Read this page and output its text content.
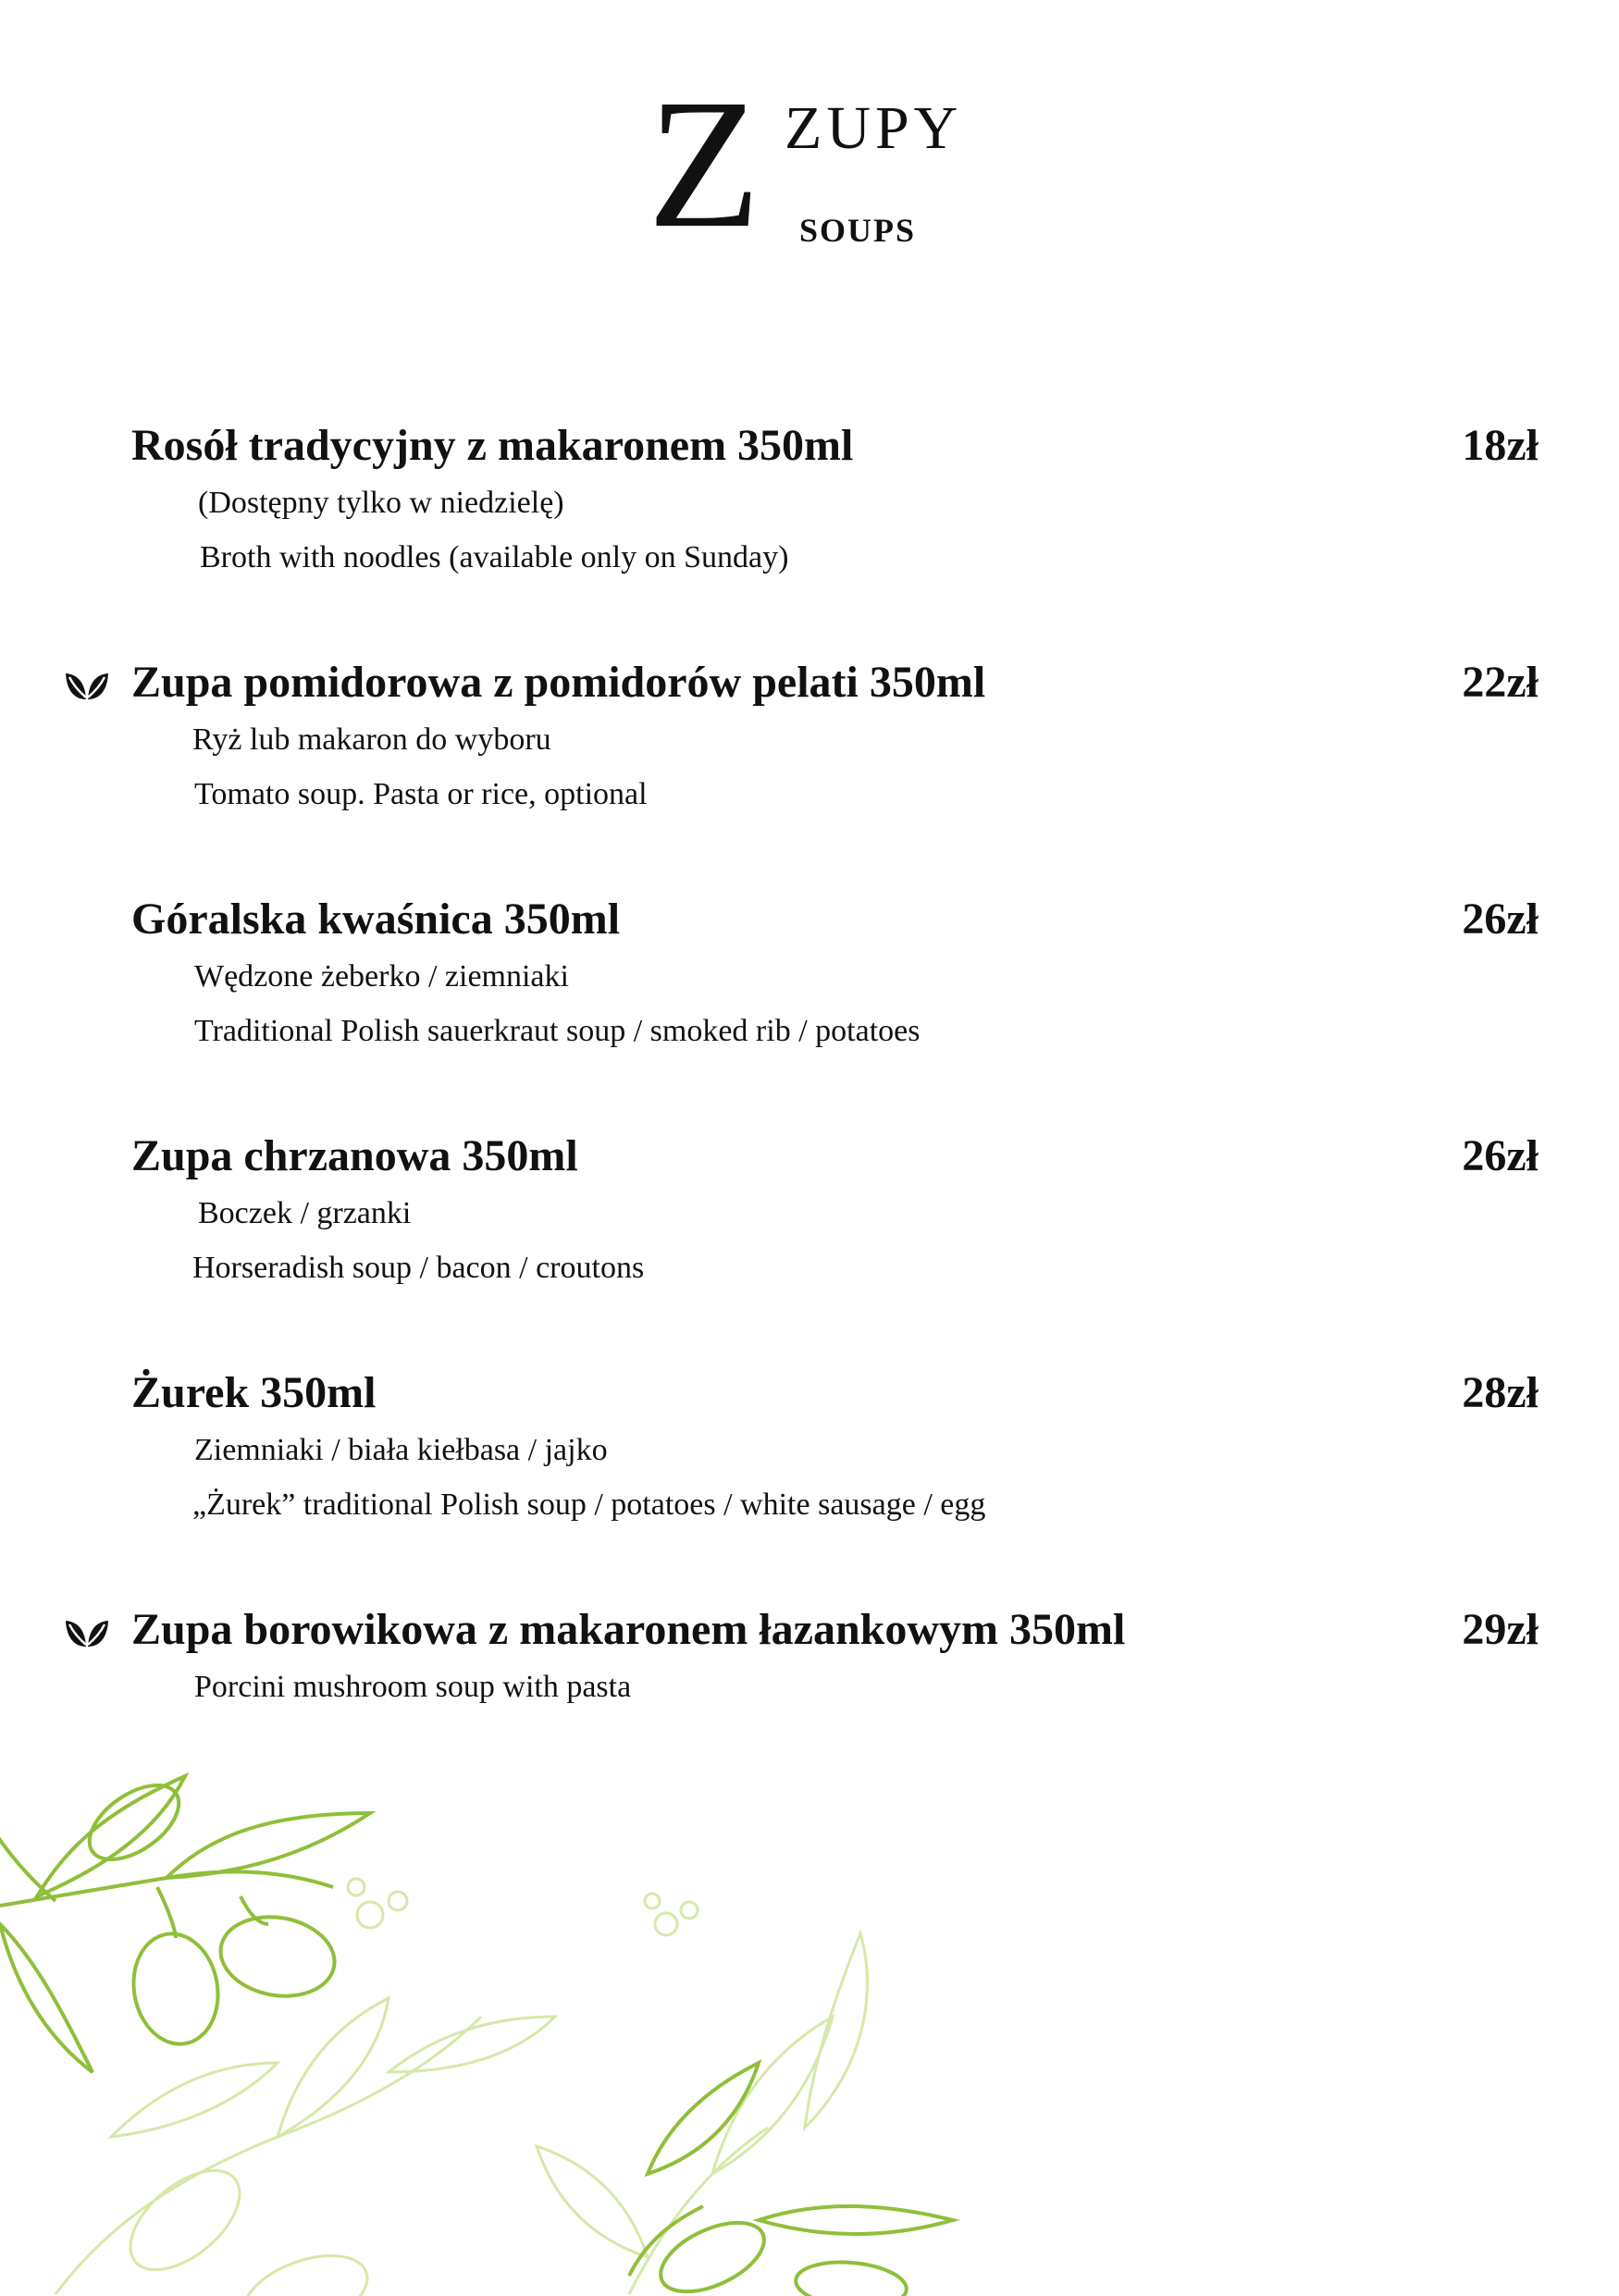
Z ZUPY
SOUPS
Rosół tradycyjny z makaronem 350ml	18zł
(Dostępny tylko w niedzielę)
Broth with noodles (available only on Sunday)
Zupa pomidorowa z pomidorów pelati 350ml	22zł
Ryż lub makaron do wyboru
Tomato soup. Pasta or rice, optional
Góralska kwaśnica 350ml	26zł
Wędzone żeberko / ziemniaki
Traditional Polish sauerkraut soup / smoked rib / potatoes
Zupa chrzanowa 350ml	26zł
Boczek / grzanki
Horseradish soup / bacon / croutons
Żurek 350ml	28zł
Ziemniaki / biała kiełbasa / jajko
„Żurek” traditional Polish soup / potatoes / white sausage / egg
Zupa borowikowa z makaronem łazankowym 350ml	29zł
Porcini mushroom soup with pasta
